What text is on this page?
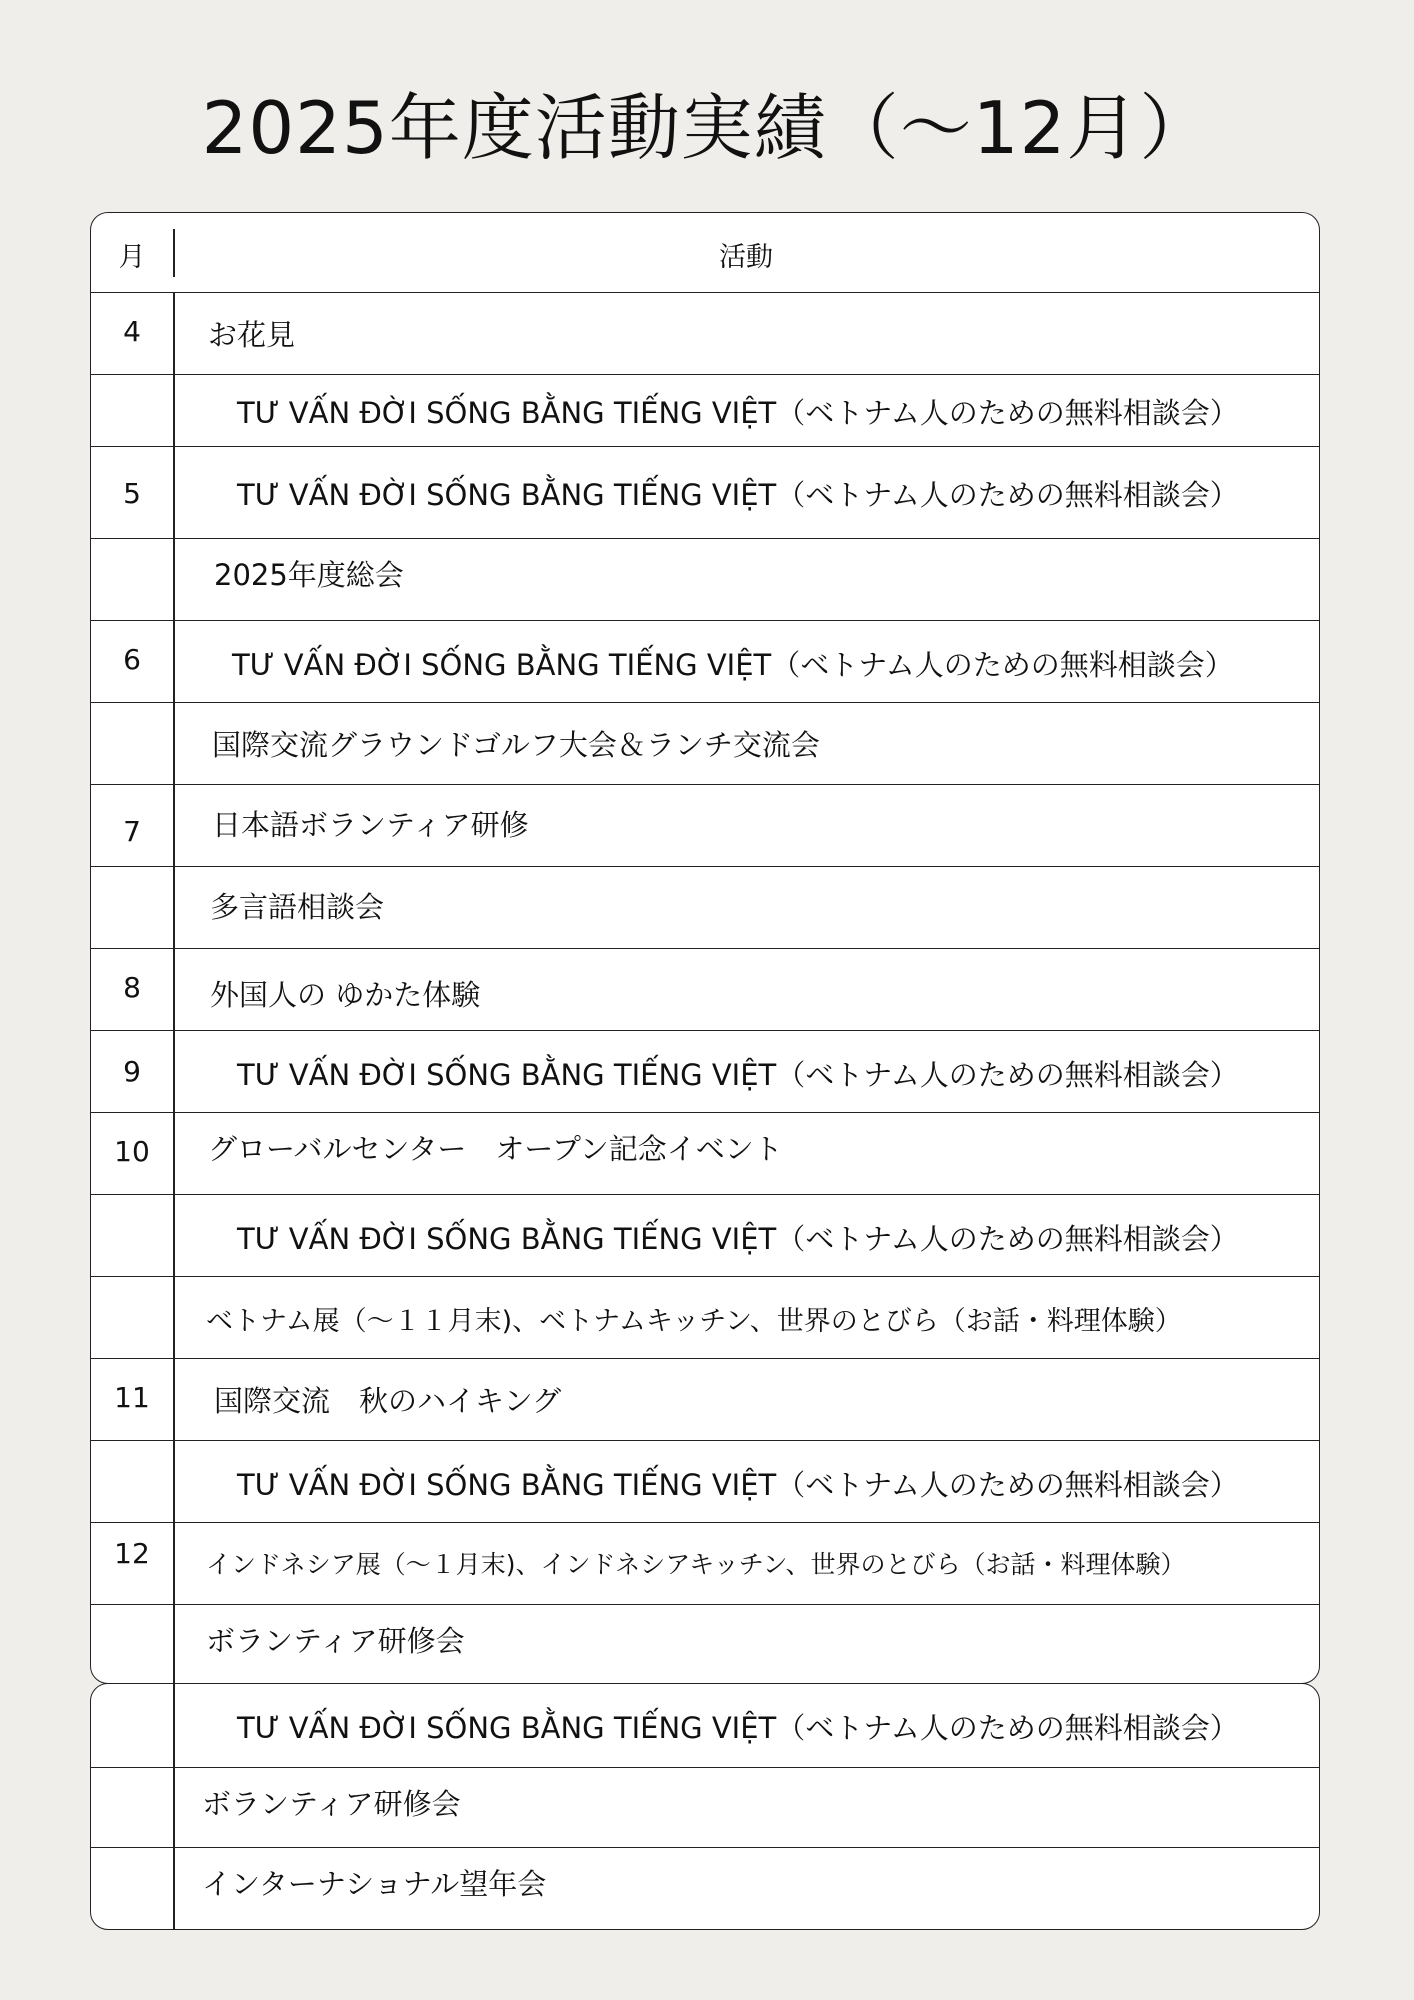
2025年度活動実績（～12月）
月	活動
4	お花見
TƯ VẤN ĐỜI SỐNG BẰNG TIẾNG VIỆT（ベトナム人のための無料相談会）
5	TƯ VẤN ĐỜI SỐNG BẰNG TIẾNG VIỆT（ベトナム人のための無料相談会）
2025年度総会
6	TƯ VẤN ĐỜI SỐNG BẰNG TIẾNG VIỆT（ベトナム人のための無料相談会）
国際交流グラウンドゴルフ大会＆ランチ交流会
7	日本語ボランティア研修
多言語相談会
8	外国人の ゆかた体験
9	TƯ VẤN ĐỜI SỐNG BẰNG TIẾNG VIỆT（ベトナム人のための無料相談会）
10	グローバルセンター　オープン記念イベント
TƯ VẤN ĐỜI SỐNG BẰNG TIẾNG VIỆT（ベトナム人のための無料相談会）
ベトナム展（～１１月末)、ベトナムキッチン、世界のとびら（お話・料理体験）
11	国際交流　秋のハイキング
TƯ VẤN ĐỜI SỐNG BẰNG TIẾNG VIỆT（ベトナム人のための無料相談会）
12	インドネシア展（～１月末)、インドネシアキッチン、世界のとびら（お話・料理体験）
ボランティア研修会
TƯ VẤN ĐỜI SỐNG BẰNG TIẾNG VIỆT（ベトナム人のための無料相談会）
ボランティア研修会
インターナショナル望年会
